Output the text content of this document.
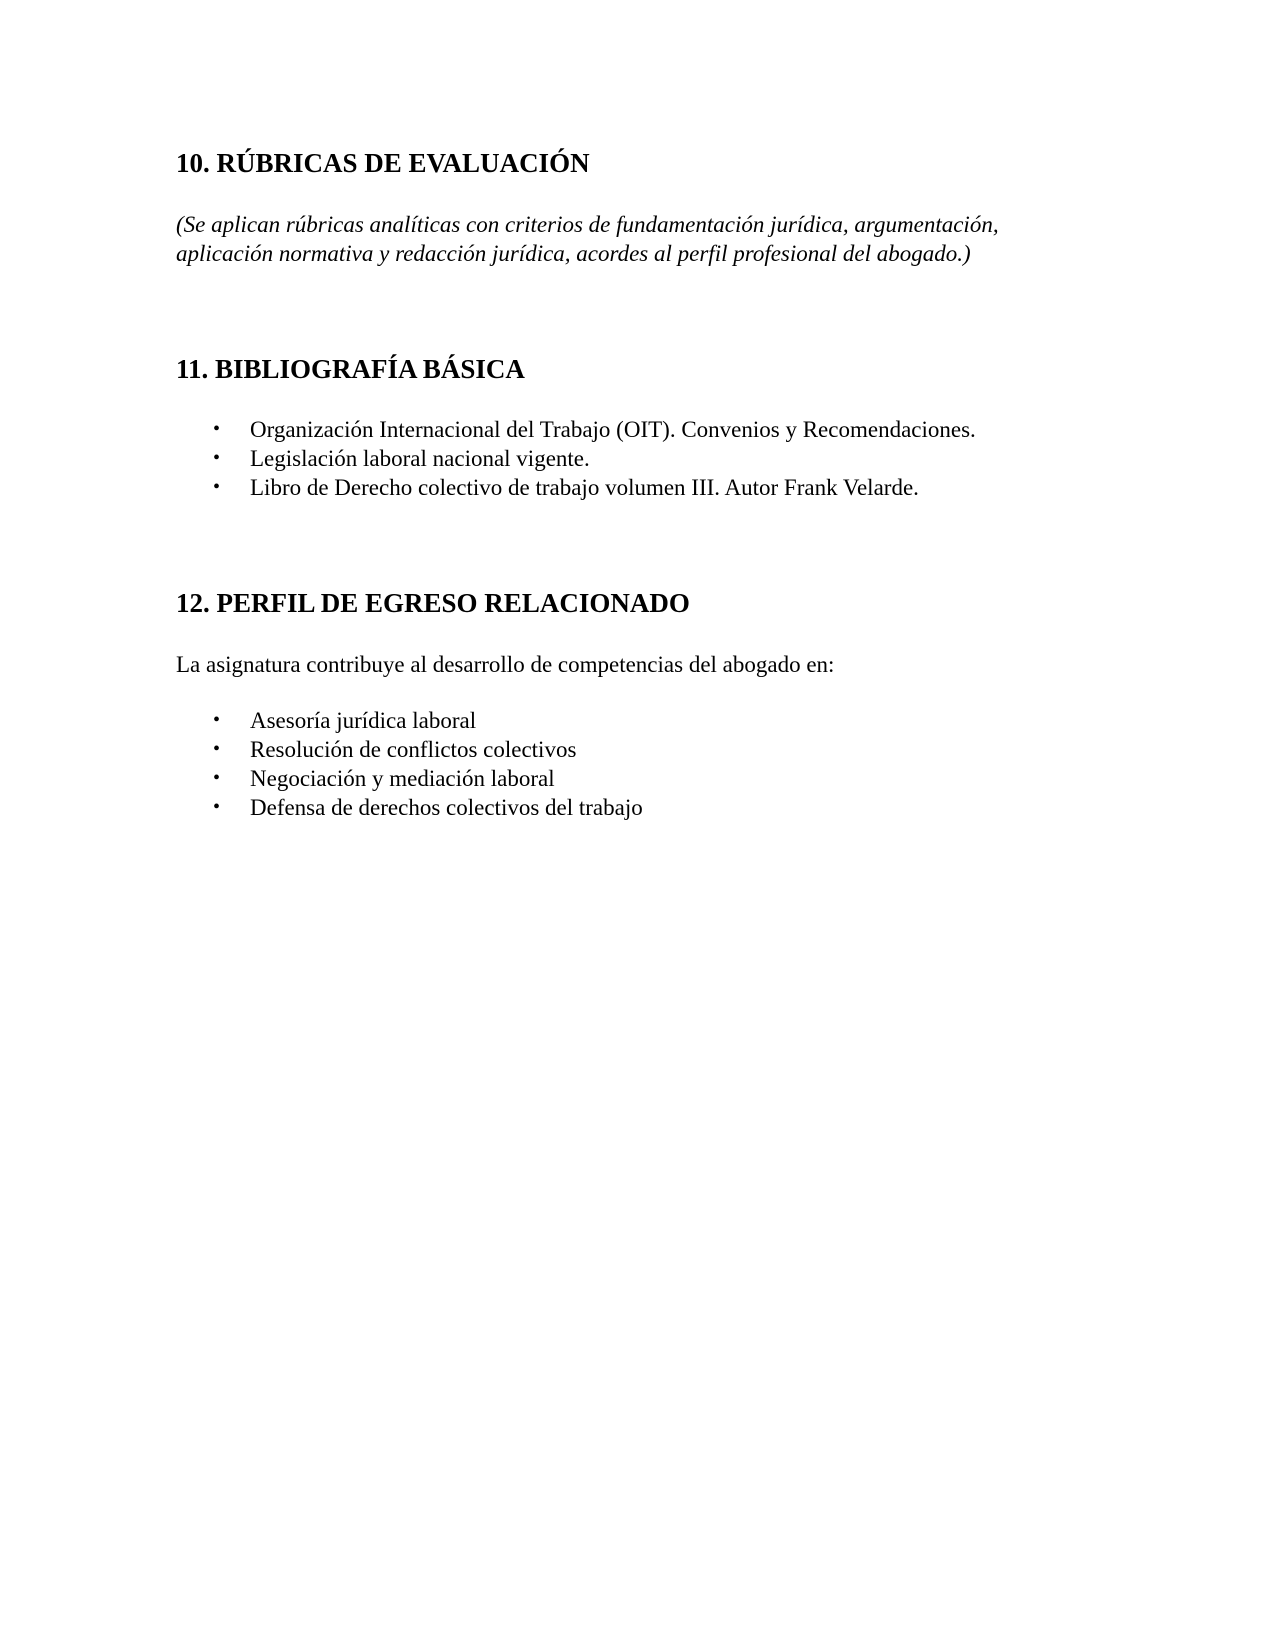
10. RÚBRICAS DE EVALUACIÓN

(Se aplican rúbricas analíticas con criterios de fundamentación jurídica, argumentación, aplicación normativa y redacción jurídica, acordes al perfil profesional del abogado.)

11. BIBLIOGRAFÍA BÁSICA
•	Organización Internacional del Trabajo (OIT). Convenios y Recomendaciones.
•	Legislación laboral nacional vigente.
•	Libro de Derecho colectivo de trabajo volumen III. Autor Frank Velarde.
12. PERFIL DE EGRESO RELACIONADO

La asignatura contribuye al desarrollo de competencias del abogado en:

•	Asesoría jurídica laboral
•	Resolución de conflictos colectivos
•	Negociación y mediación laboral
•	Defensa de derechos colectivos del trabajo
